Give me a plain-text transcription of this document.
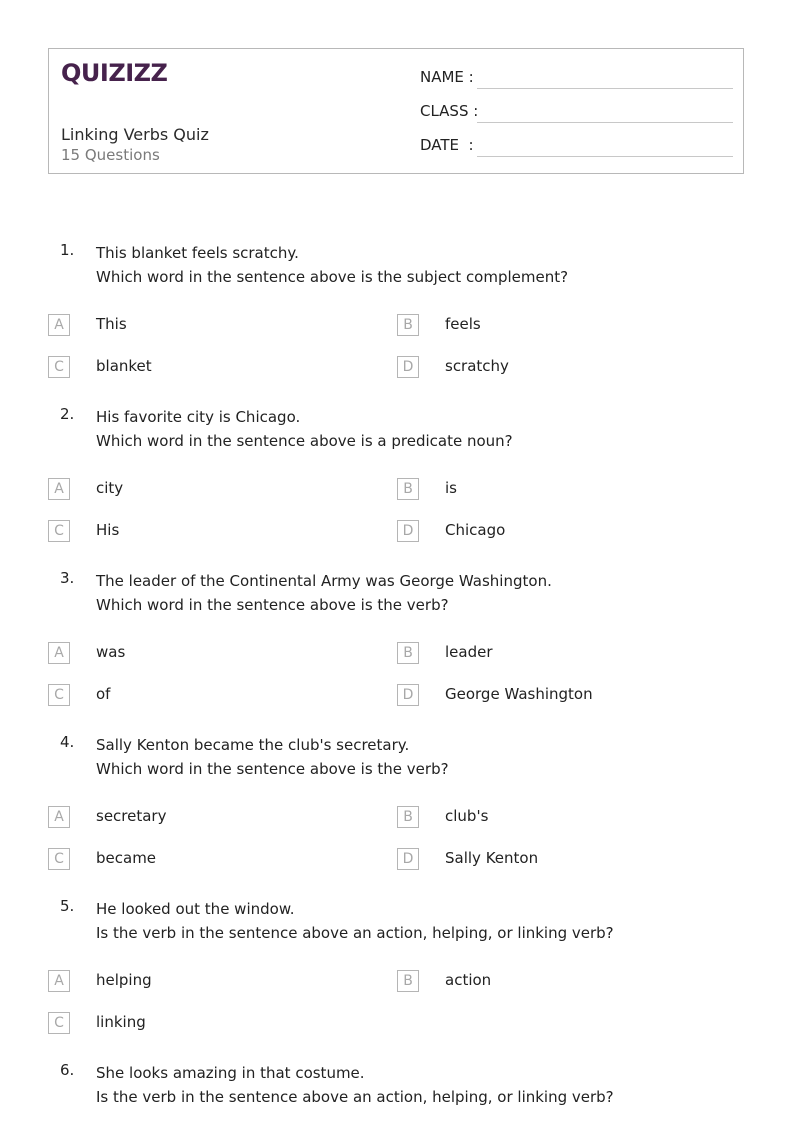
QUIZIZZ
Linking Verbs Quiz
15 Questions
NAME :
CLASS :
DATE  :
1. This blanket feels scratchy.
Which word in the sentence above is the subject complement?
A	This	B	feels
C	blanket	D	scratchy
2. His favorite city is Chicago.
Which word in the sentence above is a predicate noun?
A	city	B	is
C	His	D	Chicago
3. The leader of the Continental Army was George Washington.
Which word in the sentence above is the verb?
A	was	B	leader
C	of	D	George Washington
4. Sally Kenton became the club's secretary.
Which word in the sentence above is the verb?
A	secretary	B	club's
C	became	D	Sally Kenton
5. He looked out the window.
Is the verb in the sentence above an action, helping, or linking verb?
A	helping	B	action
C	linking
6. She looks amazing in that costume.
Is the verb in the sentence above an action, helping, or linking verb?
